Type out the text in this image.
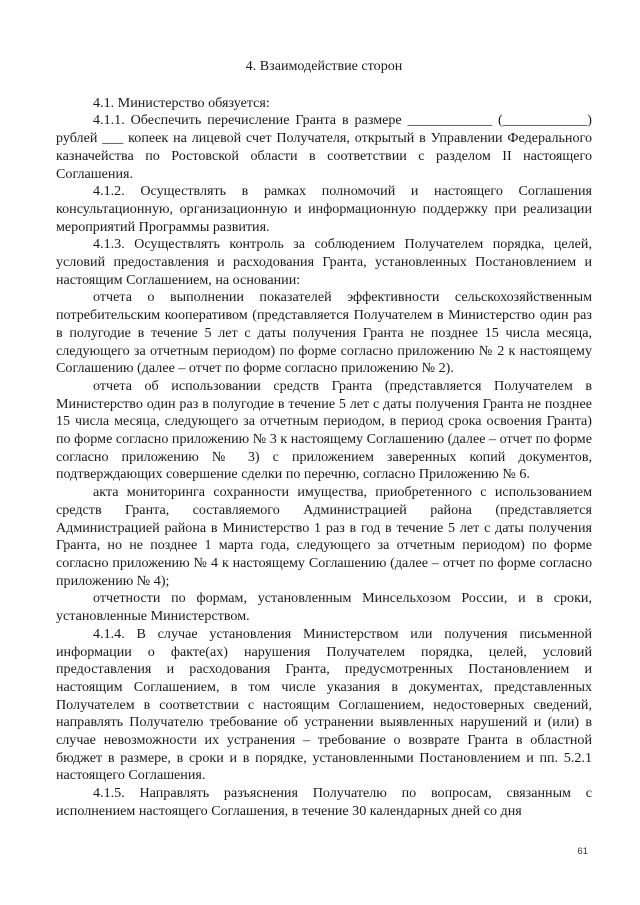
4. Взаимодействие сторон

4.1. Министерство обязуется:

4.1.1. Обеспечить перечисление Гранта в размере ____________ (____________) рублей ___ копеек на лицевой счет Получателя, открытый в Управлении Федерального казначейства по Ростовской области в соответствии с разделом II настоящего Соглашения.

4.1.2. Осуществлять в рамках полномочий и настоящего Соглашения консультационную, организационную и информационную поддержку при реализации мероприятий Программы развития.

4.1.3. Осуществлять контроль за соблюдением Получателем порядка, целей, условий предоставления и расходования Гранта, установленных Постановлением и настоящим Соглашением, на основании:

отчета о выполнении показателей эффективности сельскохозяйственным потребительским кооперативом (представляется Получателем в Министерство один раз в полугодие в течение 5 лет с даты получения Гранта не позднее 15 числа месяца, следующего за отчетным периодом) по форме согласно приложению № 2 к настоящему Соглашению (далее – отчет по форме согласно приложению № 2).

отчета об использовании средств Гранта (представляется Получателем в Министерство один раз в полугодие в течение 5 лет с даты получения Гранта не позднее 15 числа месяца, следующего за отчетным периодом, в период срока освоения Гранта) по форме согласно приложению № 3 к настоящему Соглашению (далее – отчет по форме согласно приложению № 3) с приложением заверенных копий документов, подтверждающих совершение сделки по перечню, согласно Приложению № 6.

акта мониторинга сохранности имущества, приобретенного с использованием средств Гранта, составляемого Администрацией района (представляется Администрацией района в Министерство 1 раз в год в течение 5 лет с даты получения Гранта, но не позднее 1 марта года, следующего за отчетным периодом) по форме согласно приложению № 4 к настоящему Соглашению (далее – отчет по форме согласно приложению № 4);

отчетности по формам, установленным Минсельхозом России, и в сроки, установленные Министерством.

4.1.4. В случае установления Министерством или получения письменной информации о факте(ах) нарушения Получателем порядка, целей, условий предоставления и расходования Гранта, предусмотренных Постановлением и настоящим Соглашением, в том числе указания в документах, представленных Получателем в соответствии с настоящим Соглашением, недостоверных сведений, направлять Получателю требование об устранении выявленных нарушений и (или) в случае невозможности их устранения – требование о возврате Гранта в областной бюджет в размере, в сроки и в порядке, установленными Постановлением и пп. 5.2.1 настоящего Соглашения.

4.1.5. Направлять разъяснения Получателю по вопросам, связанным с исполнением настоящего Соглашения, в течение 30 календарных дней со дня

61
